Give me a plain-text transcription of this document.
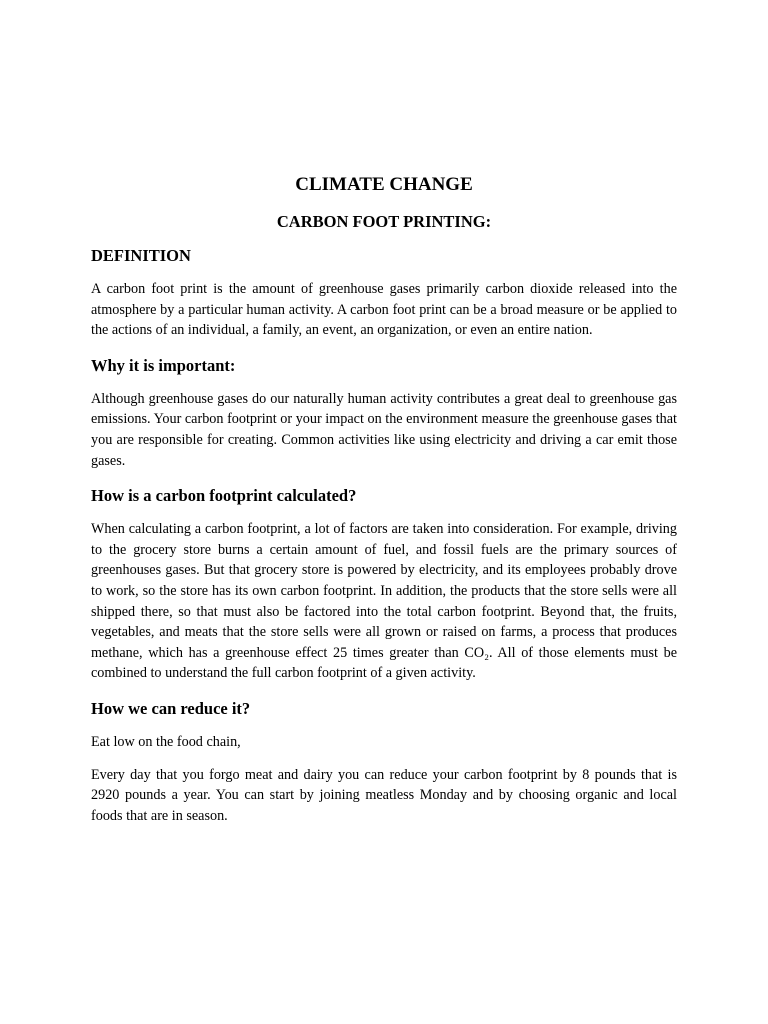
CLIMATE CHANGE
CARBON FOOT PRINTING:
DEFINITION

A carbon foot print is the amount of greenhouse gases primarily carbon dioxide released into the atmosphere by a particular human activity. A carbon foot print can be a broad measure or be applied to the actions of an individual, a family, an event, an organization, or even an entire nation.

Why it is important:

Although greenhouse gases do our naturally human activity contributes a great deal to greenhouse gas emissions. Your carbon footprint or your impact on the environment measure the greenhouse gases that you are responsible for creating. Common activities like using electricity and driving a car emit those gases.

How is a carbon footprint calculated?

When calculating a carbon footprint, a lot of factors are taken into consideration. For example, driving to the grocery store burns a certain amount of fuel, and fossil fuels are the primary sources of greenhouses gases. But that grocery store is powered by electricity, and its employees probably drove to work, so the store has its own carbon footprint. In addition, the products that the store sells were all shipped there, so that must also be factored into the total carbon footprint. Beyond that, the fruits, vegetables, and meats that the store sells were all grown or raised on farms, a process that produces methane, which has a greenhouse effect 25 times greater than CO₂. All of those elements must be combined to understand the full carbon footprint of a given activity.

How we can reduce it?

Eat low on the food chain,

Every day that you forgo meat and dairy you can reduce your carbon footprint by 8 pounds that is 2920 pounds a year. You can start by joining meatless Monday and by choosing organic and local foods that are in season.
